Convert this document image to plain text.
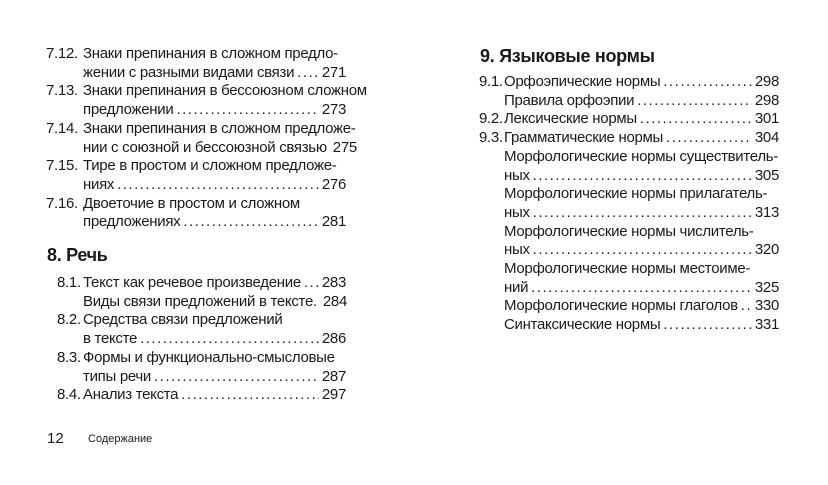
7.12. Знаки препинания в сложном предло-
жении с разными видами связи ..... 271
7.13. Знаки препинания в бессоюзном сложном
предложении .....	273
7.14. Знаки препинания в сложном предложе-
нии с союзной и бессоюзной связью 275
7.15. Тире в простом и сложном предложе-
ниях .....	276
7.16. Двоеточие в простом и сложном
предложениях .....	281
8. Речь
8.1. Текст как речевое произведение ..... 283
Виды связи предложений в тексте. 284
8.2. Средства связи предложений
в тексте .....	286
8.3. Формы и функционально-смысловые
типы речи .....	287
8.4. Анализ текста .....	297
9. Языковые нормы
9.1. Орфоэпические нормы .....	298
Правила орфоэпии .....	298
9.2. Лексические нормы .....	301
9.3. Грамматические нормы .....	304
Морфологические нормы существитель-
ных .....	305
Морфологические нормы прилагатель-
ных .....	313
Морфологические нормы числитель-
ных .....	320
Морфологические нормы местоиме-
ний .....	325
Морфологические нормы глаголов ..... 330
Синтаксические нормы .....	331
12 Содержание
